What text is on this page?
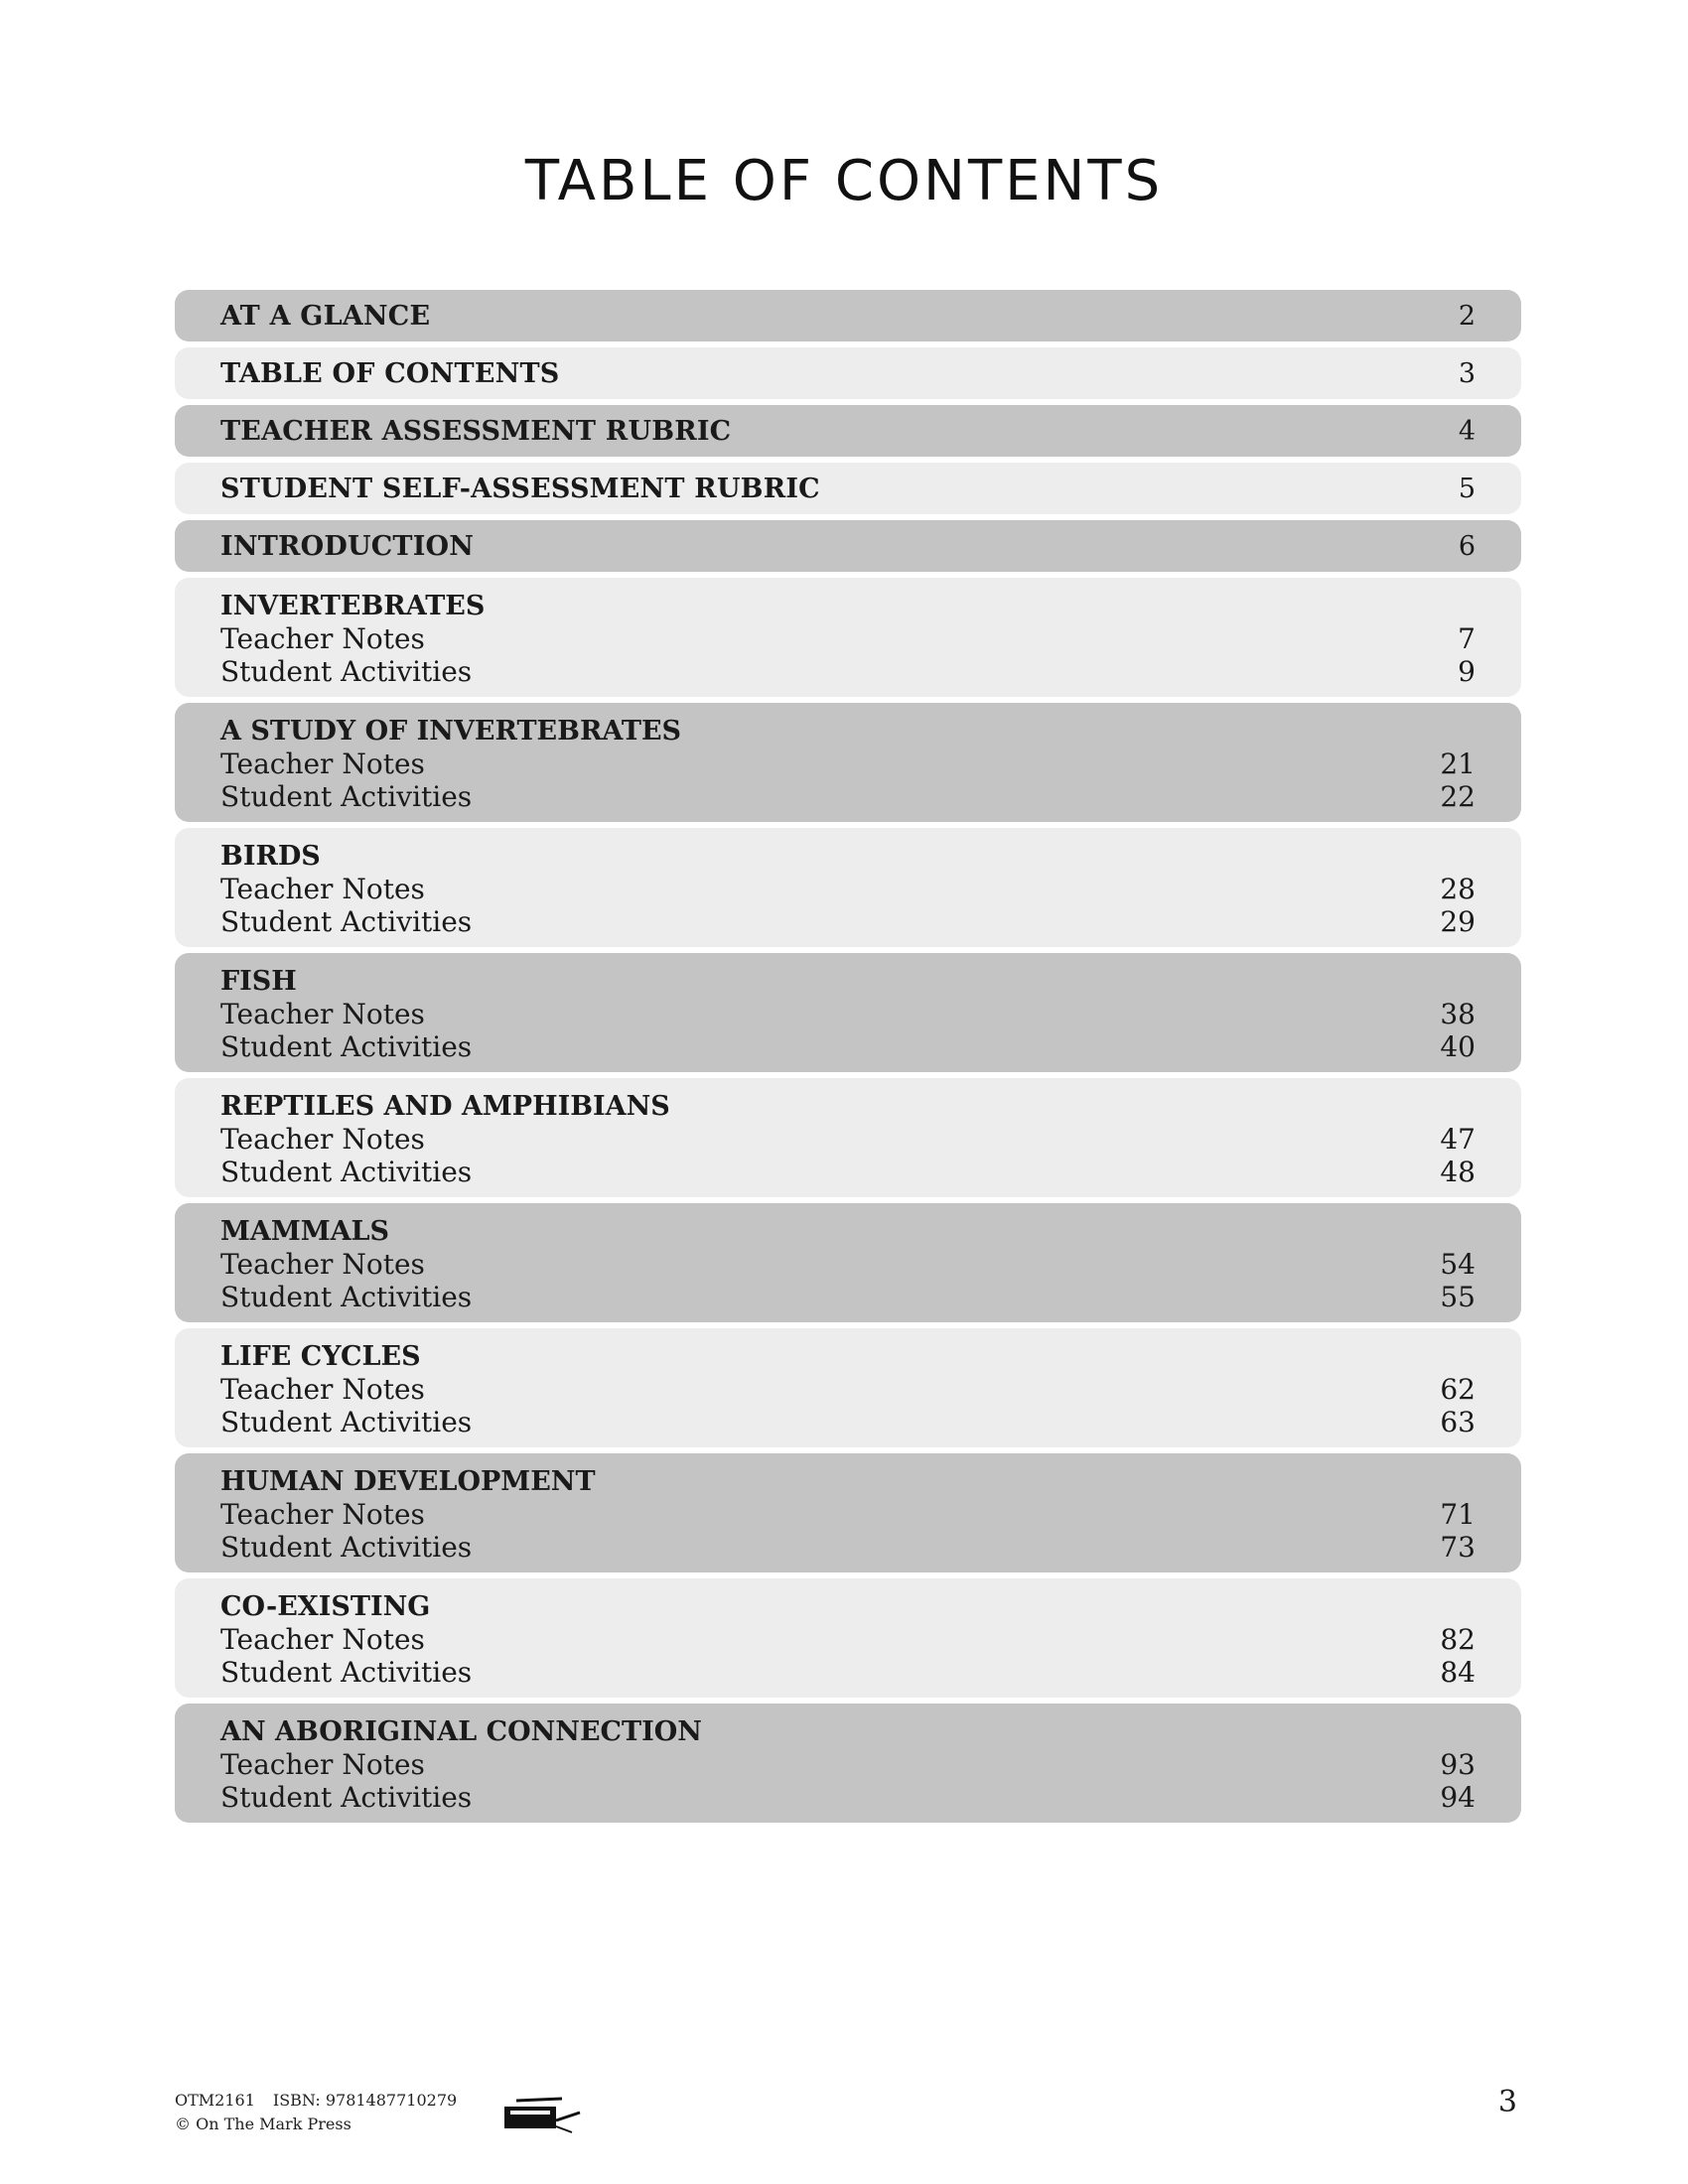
TABLE OF CONTENTS
AT A GLANCE	2
TABLE OF CONTENTS	3
TEACHER ASSESSMENT RUBRIC	4
STUDENT SELF-ASSESSMENT RUBRIC	5
INTRODUCTION	6
INVERTEBRATES
Teacher Notes	7
Student Activities	9
A STUDY OF INVERTEBRATES
Teacher Notes	21
Student Activities	22
BIRDS
Teacher Notes	28
Student Activities	29
FISH
Teacher Notes	38
Student Activities	40
REPTILES AND AMPHIBIANS
Teacher Notes	47
Student Activities	48
MAMMALS
Teacher Notes	54
Student Activities	55
LIFE CYCLES
Teacher Notes	62
Student Activities	63
HUMAN DEVELOPMENT
Teacher Notes	71
Student Activities	73
CO-EXISTING
Teacher Notes	82
Student Activities	84
AN ABORIGINAL CONNECTION
Teacher Notes	93
Student Activities	94
OTM2161 ISBN: 9781487710279
© On The Mark Press
3
